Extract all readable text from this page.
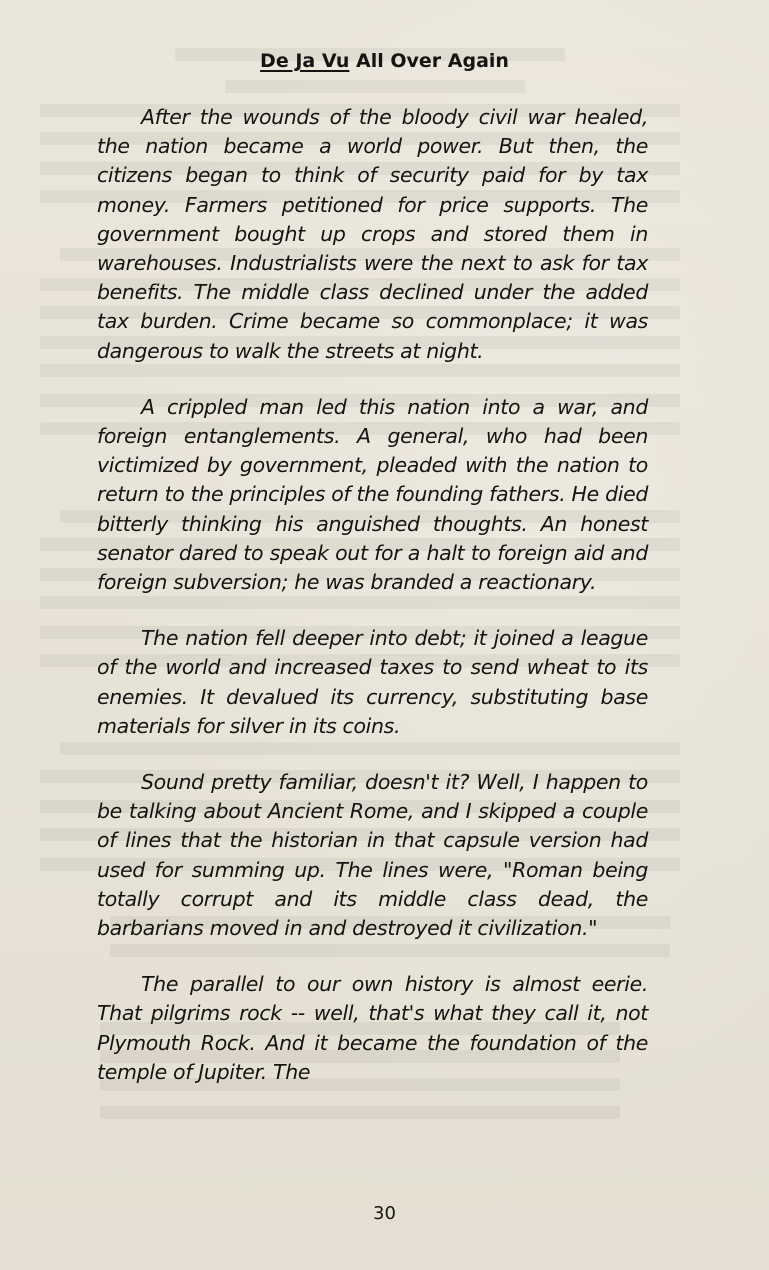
De Ja Vu All Over Again

After the wounds of the bloody civil war healed, the nation became a world power. But then, the citizens began to think of security paid for by tax money. Farmers petitioned for price supports. The government bought up crops and stored them in warehouses. Industrialists were the next to ask for tax benefits. The middle class declined under the added tax burden. Crime became so commonplace; it was dangerous to walk the streets at night.

A crippled man led this nation into a war, and foreign entanglements. A general, who had been victimized by government, pleaded with the nation to return to the principles of the founding fathers. He died bitterly thinking his anguished thoughts. An honest senator dared to speak out for a halt to foreign aid and foreign subversion; he was branded a reactionary.

The nation fell deeper into debt; it joined a league of the world and increased taxes to send wheat to its enemies. It devalued its currency, substituting base materials for silver in its coins.

Sound pretty familiar, doesn't it? Well, I happen to be talking about Ancient Rome, and I skipped a couple of lines that the historian in that capsule version had used for summing up. The lines were, "Roman being totally corrupt and its middle class dead, the barbarians moved in and destroyed it civilization."

The parallel to our own history is almost eerie. That pilgrims rock -- well, that's what they call it, not Plymouth Rock. And it became the foundation of the temple of Jupiter. The

30
